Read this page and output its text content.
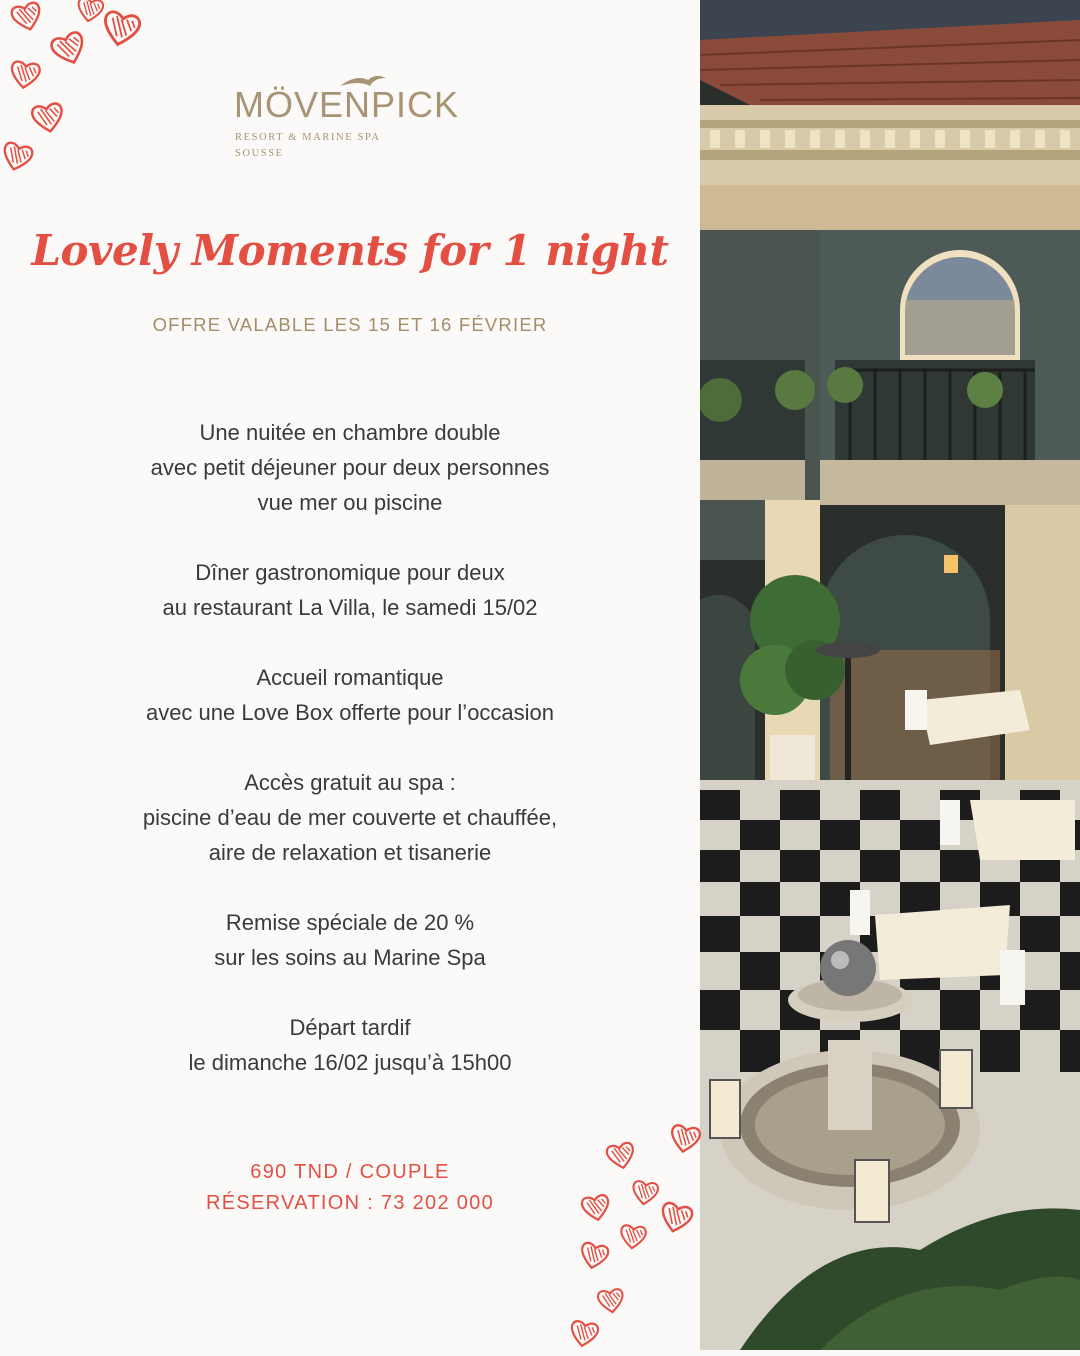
MÖVENPICK
RESORT & MARINE SPA
SOUSSE
Lovely Moments for 1 night
OFFRE VALABLE LES 15 ET 16 FÉVRIER
Une nuitée en chambre double
avec petit déjeuner pour deux personnes
vue mer ou piscine
Dîner gastronomique pour deux
au restaurant La Villa, le samedi 15/02
Accueil romantique
avec une Love Box offerte pour l’occasion
Accès gratuit au spa :
piscine d’eau de mer couverte et chauffée,
aire de relaxation et tisanerie
Remise spéciale de 20 %
sur les soins au Marine Spa
Départ tardif
le dimanche 16/02 jusqu’à 15h00
690 TND / COUPLE
RÉSERVATION : 73 202 000
